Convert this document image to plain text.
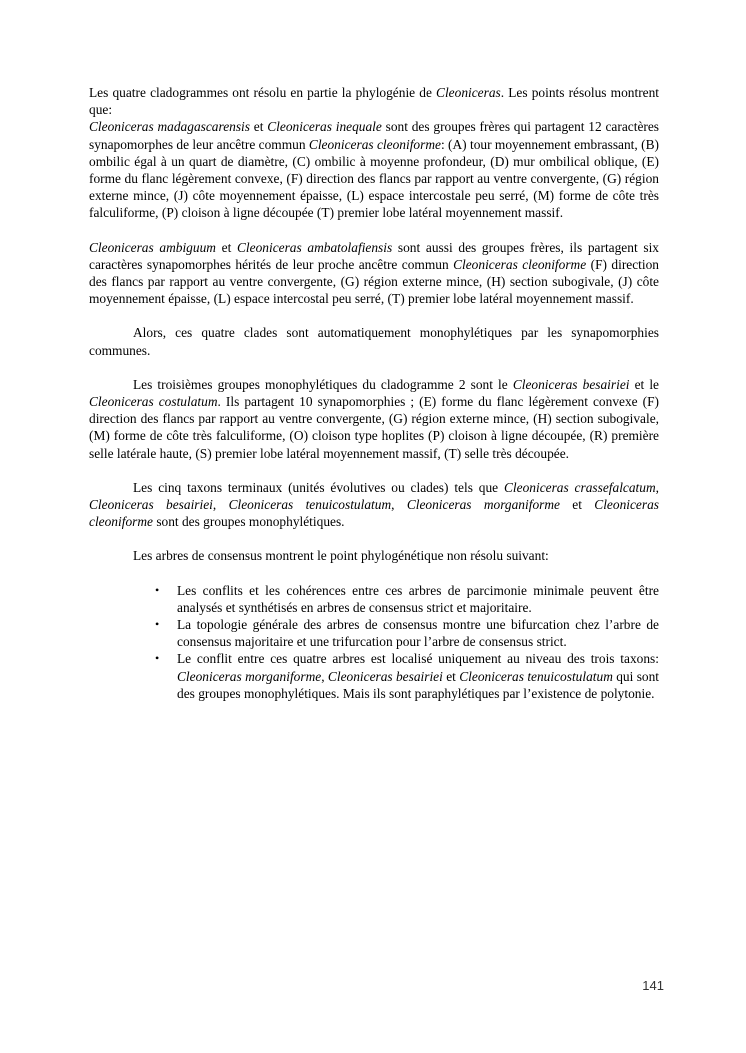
Les quatre cladogrammes ont résolu en partie la phylogénie de Cleoniceras. Les points résolus montrent que:

Cleoniceras madagascarensis et Cleoniceras inequale sont des groupes frères qui partagent 12 caractères synapomorphes de leur ancêtre commun Cleoniceras cleoniforme: (A) tour moyennement embrassant, (B) ombilic égal à un quart de diamètre, (C) ombilic à moyenne profondeur, (D) mur ombilical oblique, (E) forme du flanc légèrement convexe, (F) direction des flancs par rapport au ventre convergente, (G) région externe mince, (J) côte moyennement épaisse, (L) espace intercostale peu serré, (M) forme de côte très falculiforme, (P) cloison à ligne découpée (T) premier lobe latéral moyennement massif.

Cleoniceras ambiguum et Cleoniceras ambatolafiensis sont aussi des groupes frères, ils partagent six caractères synapomorphes hérités de leur proche ancêtre commun Cleoniceras cleoniforme (F) direction des flancs par rapport au ventre convergente, (G) région externe mince, (H) section subogivale, (J) côte moyennement épaisse, (L) espace intercostal peu serré, (T) premier lobe latéral moyennement massif.

Alors, ces quatre clades sont automatiquement monophylétiques par les synapomorphies communes.

Les troisièmes groupes monophylétiques du cladogramme 2 sont le Cleoniceras besairiei et le Cleoniceras costulatum. Ils partagent 10 synapomorphies ; (E) forme du flanc légèrement convexe (F) direction des flancs par rapport au ventre convergente, (G) région externe mince, (H) section subogivale, (M) forme de côte très falculiforme, (O) cloison type hoplites (P) cloison à ligne découpée, (R) première selle latérale haute, (S) premier lobe latéral moyennement massif, (T) selle très découpée.

Les cinq taxons terminaux (unités évolutives ou clades) tels que Cleoniceras crassefalcatum, Cleoniceras besairiei, Cleoniceras tenuicostulatum, Cleoniceras morganiforme et Cleoniceras cleoniforme sont des groupes monophylétiques.

Les arbres de consensus montrent le point phylogénétique non résolu suivant:

• Les conflits et les cohérences entre ces arbres de parcimonie minimale peuvent être analysés et synthétisés en arbres de consensus strict et majoritaire.
• La topologie générale des arbres de consensus montre une bifurcation chez l’arbre de consensus majoritaire et une trifurcation pour l’arbre de consensus strict.
• Le conflit entre ces quatre arbres est localisé uniquement au niveau des trois taxons: Cleoniceras morganiforme, Cleoniceras besairiei et Cleoniceras tenuicostulatum qui sont des groupes monophylétiques. Mais ils sont paraphylétiques par l’existence de polytonie.
141
